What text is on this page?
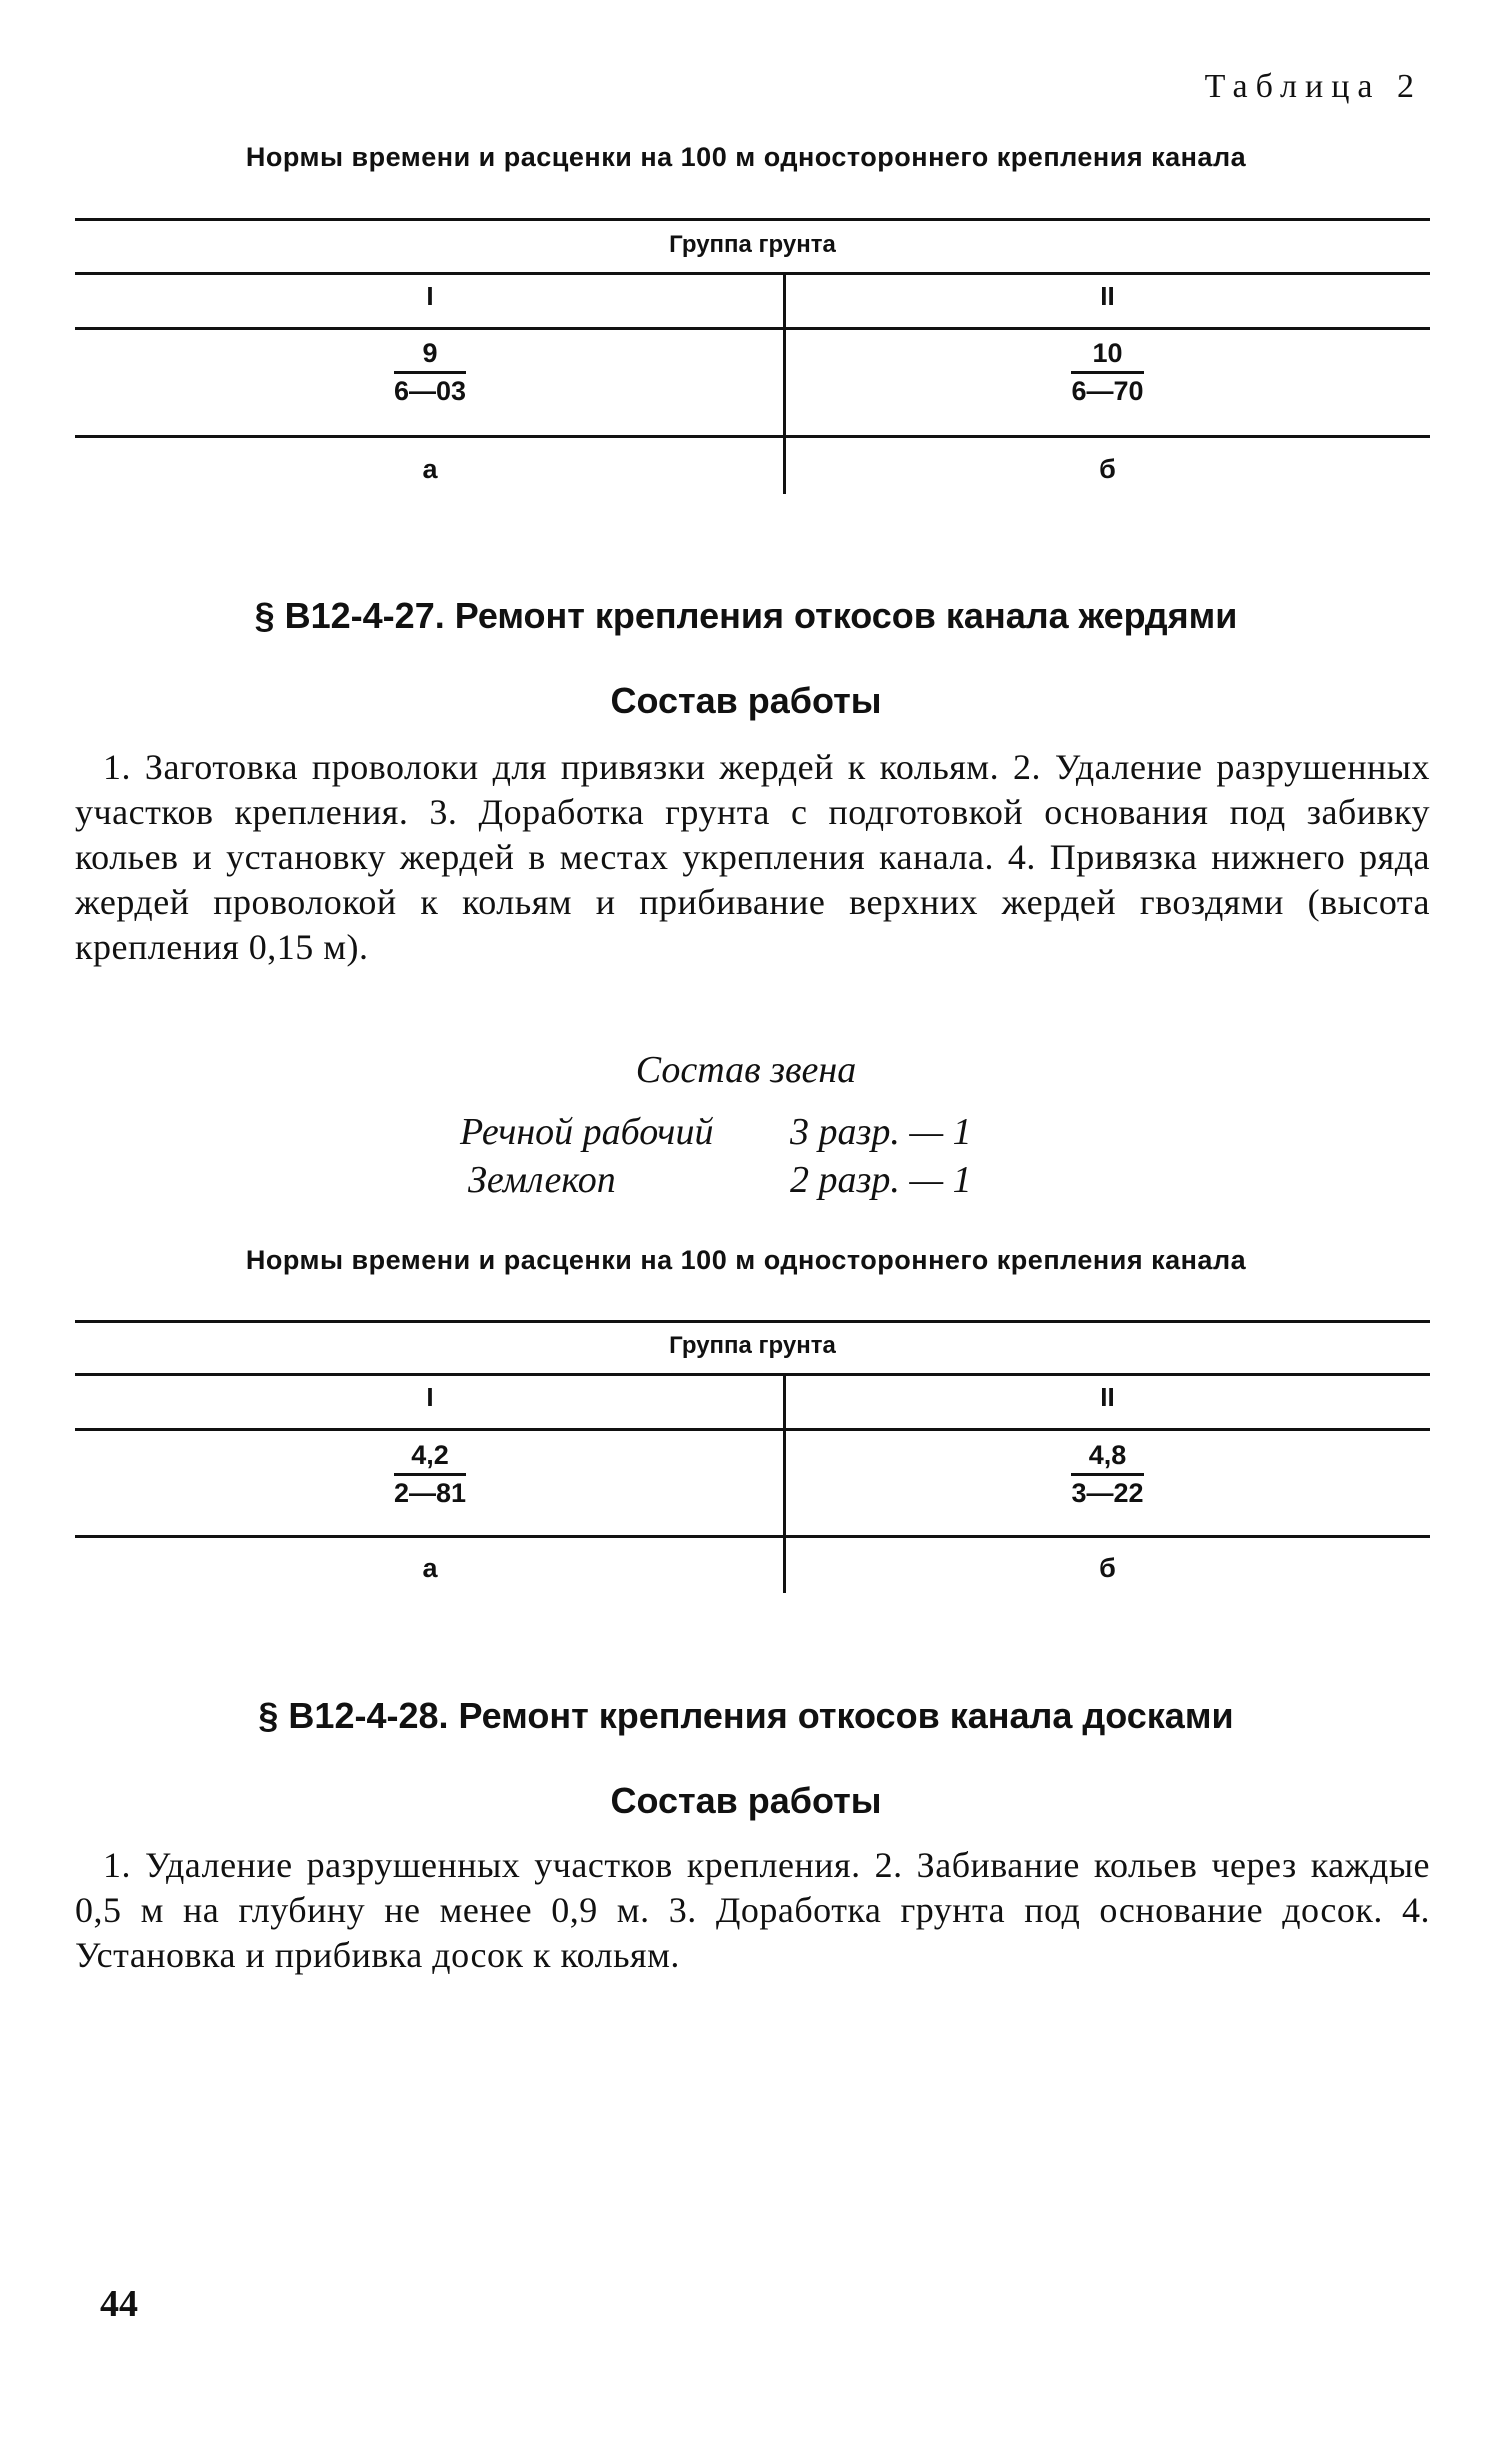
Таблица 2
Нормы времени и расценки на 100 м одностороннего крепления канала
Группа грунта
I	II
$\frac{9}{6—03}$	$\frac{10}{6—70}$
а	б
§ В12-4-27. Ремонт крепления откосов канала жердями
Состав работы
1. Заготовка проволоки для привязки жердей к кольям. 2. Удаление разрушенных участков крепления. 3. Доработка грунта с подготовкой основания под забивку кольев и установку жердей в местах укрепления канала. 4. Привязка нижнего ряда жердей проволокой к кольям и прибивание верхних жердей гвоздями (высота крепления 0,15 м).
Состав звена
Речной рабочий 3 разр. — 1
Землекоп	2 разр. — 1
Нормы времени и расценки на 100 м одностороннего крепления канала
Группа грунта
I	II
$\frac{4,2}{2—81}$	$\frac{4,8}{3—22}$
а	б
§ В12-4-28. Ремонт крепления откосов канала досками
Состав работы
1. Удаление разрушенных участков крепления. 2. Забивание кольев через каждые 0,5 м на глубину не менее 0,9 м. 3. Доработка грунта под основание досок. 4. Установка и прибивка досок к кольям.
44
